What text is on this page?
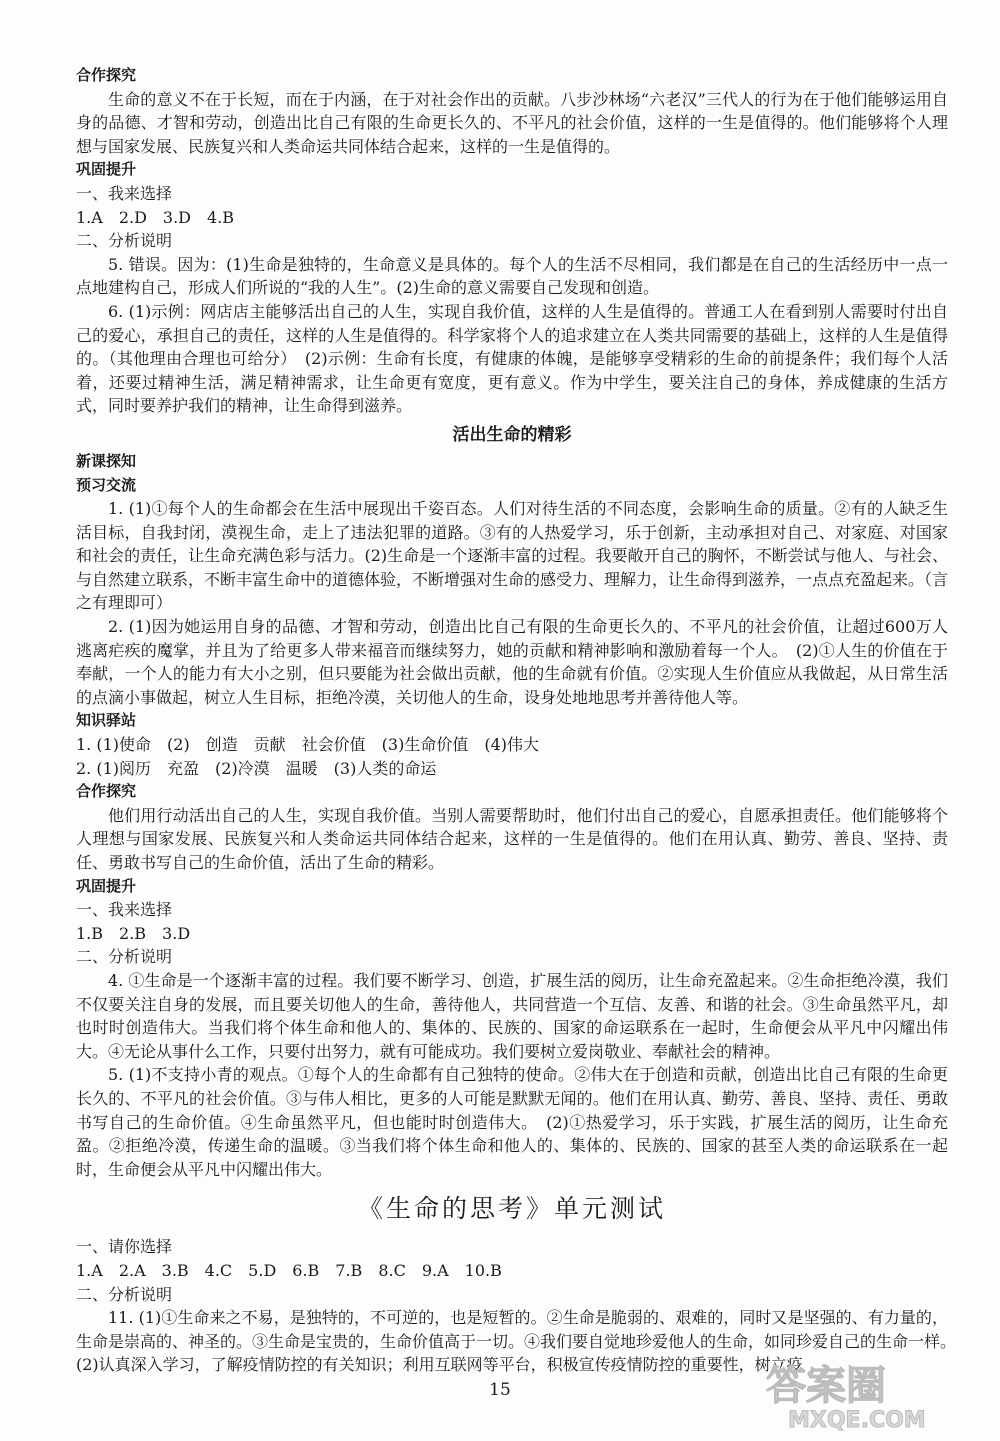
合作探究
生命的意义不在于长短，而在于内涵，在于对社会作出的贡献。八步沙林场“六老汉”三代人的行为在于他们能够运用自身的品德、才智和劳动，创造出比自己有限的生命更长久的、不平凡的社会价值，这样的一生是值得的。他们能够将个人理想与国家发展、民族复兴和人类命运共同体结合起来，这样的一生是值得的。
巩固提升
一、我来选择
1.A　2.D　3.D　4.B
二、分析说明
5. 错误。因为：(1)生命是独特的，生命意义是具体的。每个人的生活不尽相同，我们都是在自己的生活经历中一点一点地建构自己，形成人们所说的“我的人生”。(2)生命的意义需要自己发现和创造。
6. (1)示例：网店店主能够活出自己的人生，实现自我价值，这样的人生是值得的。普通工人在看到别人需要时付出自己的爱心，承担自己的责任，这样的人生是值得的。科学家将个人的追求建立在人类共同需要的基础上，这样的人生是值得的。（其他理由合理也可给分）　(2)示例：生命有长度，有健康的体魄，是能够享受精彩的生命的前提条件；我们每个人活着，还要过精神生活，满足精神需求，让生命更有宽度，更有意义。作为中学生，要关注自己的身体，养成健康的生活方式，同时要养护我们的精神，让生命得到滋养。
活出生命的精彩
新课探知
预习交流
1. (1)①每个人的生命都会在生活中展现出千姿百态。人们对待生活的不同态度，会影响生命的质量。②有的人缺乏生活目标，自我封闭，漠视生命，走上了违法犯罪的道路。③有的人热爱学习，乐于创新，主动承担对自己、对家庭、对国家和社会的责任，让生命充满色彩与活力。(2)生命是一个逐渐丰富的过程。我要敞开自己的胸怀，不断尝试与他人、与社会、与自然建立联系，不断丰富生命中的道德体验，不断增强对生命的感受力、理解力，让生命得到滋养，一点点充盈起来。（言之有理即可）
2. (1)因为她运用自身的品德、才智和劳动，创造出比自己有限的生命更长久的、不平凡的社会价值，让超过600万人逃离疟疾的魔掌，并且为了给更多人带来福音而继续努力，她的贡献和精神影响和激励着每一个人。　(2)①人生的价值在于奉献，一个人的能力有大小之别，但只要能为社会做出贡献，他的生命就有价值。②实现人生价值应从我做起，从日常生活的点滴小事做起，树立人生目标，拒绝冷漠，关切他人的生命，设身处地地思考并善待他人等。
知识驿站
1. (1)使命　(2)　创造　贡献　社会价值　(3)生命价值　(4)伟大
2. (1)阅历　充盈　(2)冷漠　温暖　(3)人类的命运
合作探究
他们用行动活出自己的人生，实现自我价值。当别人需要帮助时，他们付出自己的爱心，自愿承担责任。他们能够将个人理想与国家发展、民族复兴和人类命运共同体结合起来，这样的一生是值得的。他们在用认真、勤劳、善良、坚持、责任、勇敢书写自己的生命价值，活出了生命的精彩。
巩固提升
一、我来选择
1.B　2.B　3.D
二、分析说明
4. ①生命是一个逐渐丰富的过程。我们要不断学习、创造，扩展生活的阅历，让生命充盈起来。②生命拒绝冷漠，我们不仅要关注自身的发展，而且要关切他人的生命，善待他人，共同营造一个互信、友善、和谐的社会。③生命虽然平凡，却也时时创造伟大。当我们将个体生命和他人的、集体的、民族的、国家的命运联系在一起时，生命便会从平凡中闪耀出伟大。④无论从事什么工作，只要付出努力，就有可能成功。我们要树立爱岗敬业、奉献社会的精神。
5. (1)不支持小青的观点。①每个人的生命都有自己独特的使命。②伟大在于创造和贡献，创造出比自己有限的生命更长久的、不平凡的社会价值。③与伟人相比，更多的人可能是默默无闻的。他们在用认真、勤劳、善良、坚持、责任、勇敢书写自己的生命价值。④生命虽然平凡，但也能时时创造伟大。　(2)①热爱学习，乐于实践，扩展生活的阅历，让生命充盈。②拒绝冷漠，传递生命的温暖。③当我们将个体生命和他人的、集体的、民族的、国家的甚至人类的命运联系在一起时，生命便会从平凡中闪耀出伟大。
《生命的思考》单元测试
一、请你选择
1.A　2.A　3.B　4.C　5.D　6.B　7.B　8.C　9.A　10.B
二、分析说明
11. (1)①生命来之不易，是独特的，不可逆的，也是短暂的。②生命是脆弱的、艰难的，同时又是坚强的、有力量的，生命是崇高的、神圣的。③生命是宝贵的，生命价值高于一切。④我们要自觉地珍爱他人的生命，如同珍爱自己的生命一样。　(2)认真深入学习，了解疫情防控的有关知识；利用互联网等平台，积极宣传疫情防控的重要性，树立疫
15	答案圈
MXQE.COM
